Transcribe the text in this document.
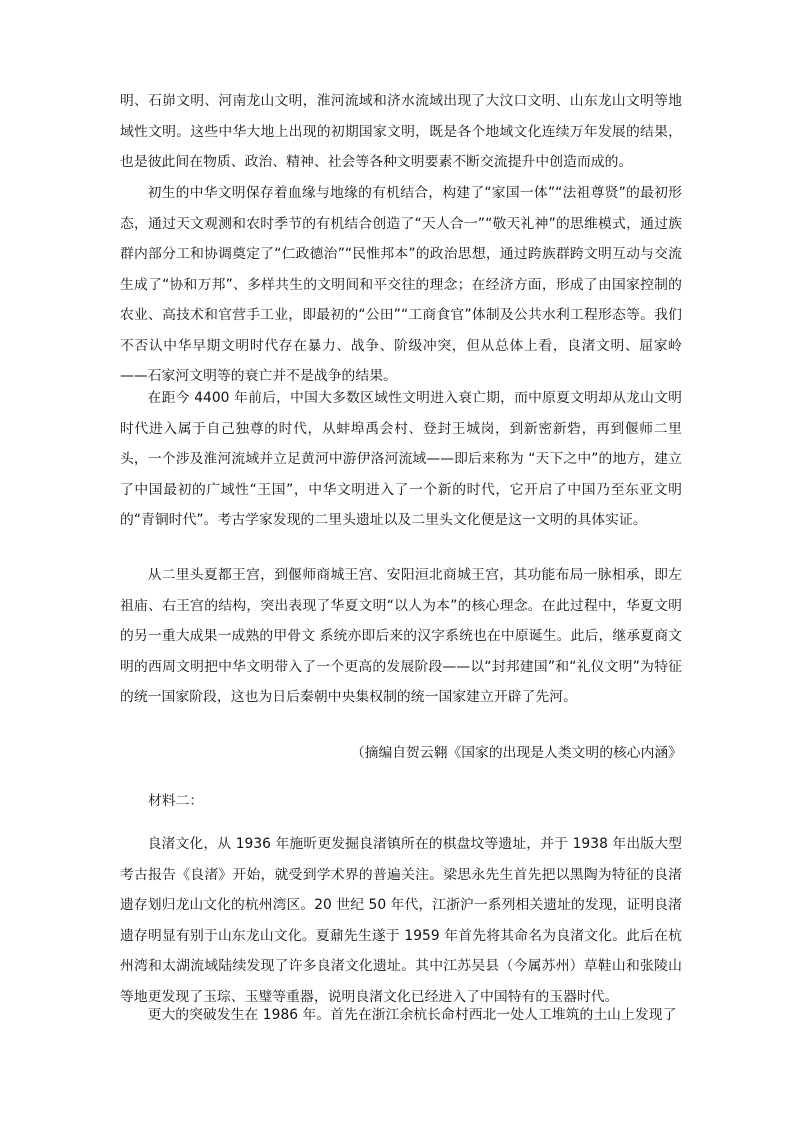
明、石峁文明、河南龙山文明，淮河流域和济水流域出现了大汶口文明、山东龙山文明等地域性文明。这些中华大地上出现的初期国家文明，既是各个地域文化连续万年发展的结果，也是彼此间在物质、政治、精神、社会等各种文明要素不断交流提升中创造而成的。

初生的中华文明保存着血缘与地缘的有机结合，构建了“家国一体”“法祖尊贤”的最初形态，通过天文观测和农时季节的有机结合创造了“天人合一”“敬天礼神”的思维模式，通过族群内部分工和协调奠定了“仁政德治”“民惟邦本”的政治思想，通过跨族群跨文明互动与交流生成了“协和万邦”、多样共生的文明间和平交往的理念；在经济方面，形成了由国家控制的农业、高技术和官营手工业，即最初的“公田”“工商食官”体制及公共水利工程形态等。我们不否认中华早期文明时代存在暴力、战争、阶级冲突，但从总体上看，良渚文明、屈家岭——石家河文明等的衰亡并不是战争的结果。

在距今 4400 年前后，中国大多数区域性文明进入衰亡期，而中原夏文明却从龙山文明时代进入属于自己独尊的时代，从蚌埠禹会村、登封王城岗，到新密新砦，再到偃师二里头，一个涉及淮河流域并立足黄河中游伊洛河流域——即后来称为 “天下之中”的地方，建立了中国最初的广域性“王国”，中华文明进入了一个新的时代，它开启了中国乃至东亚文明的“青铜时代”。考古学家发现的二里头遗址以及二里头文化便是这一文明的具体实证。

从二里头夏都王宫，到偃师商城王宫、安阳洹北商城王宫，其功能布局一脉相承，即左祖庙、右王宫的结构，突出表现了华夏文明“以人为本”的核心理念。在此过程中，华夏文明的另一重大成果一成熟的甲骨文 系统亦即后来的汉字系统也在中原诞生。此后，继承夏商文明的西周文明把中华文明带入了一个更高的发展阶段——以“封邦建国”和“礼仪文明”为特征的统一国家阶段，这也为日后秦朝中央集权制的统一国家建立开辟了先河。

（摘编自贺云翱《国家的出现是人类文明的核心内涵》

材料二：

良渚文化，从 1936 年施昕更发掘良渚镇所在的棋盘坟等遗址，并于 1938 年出版大型考古报告《良渚》开始，就受到学术界的普遍关注。梁思永先生首先把以黑陶为特征的良渚遗存划归龙山文化的杭州湾区。20 世纪 50 年代，江浙沪一系列相关遗址的发现，证明良渚遗存明显有别于山东龙山文化。夏鼐先生遂于 1959 年首先将其命名为良渚文化。此后在杭州湾和太湖流域陆续发现了许多良渚文化遗址。其中江苏吴县（今属苏州）草鞋山和张陵山等地更发现了玉琮、玉璧等重器，说明良渚文化已经进入了中国特有的玉器时代。

更大的突破发生在 1986 年。首先在浙江余杭长命村西北一处人工堆筑的土山上发现了
